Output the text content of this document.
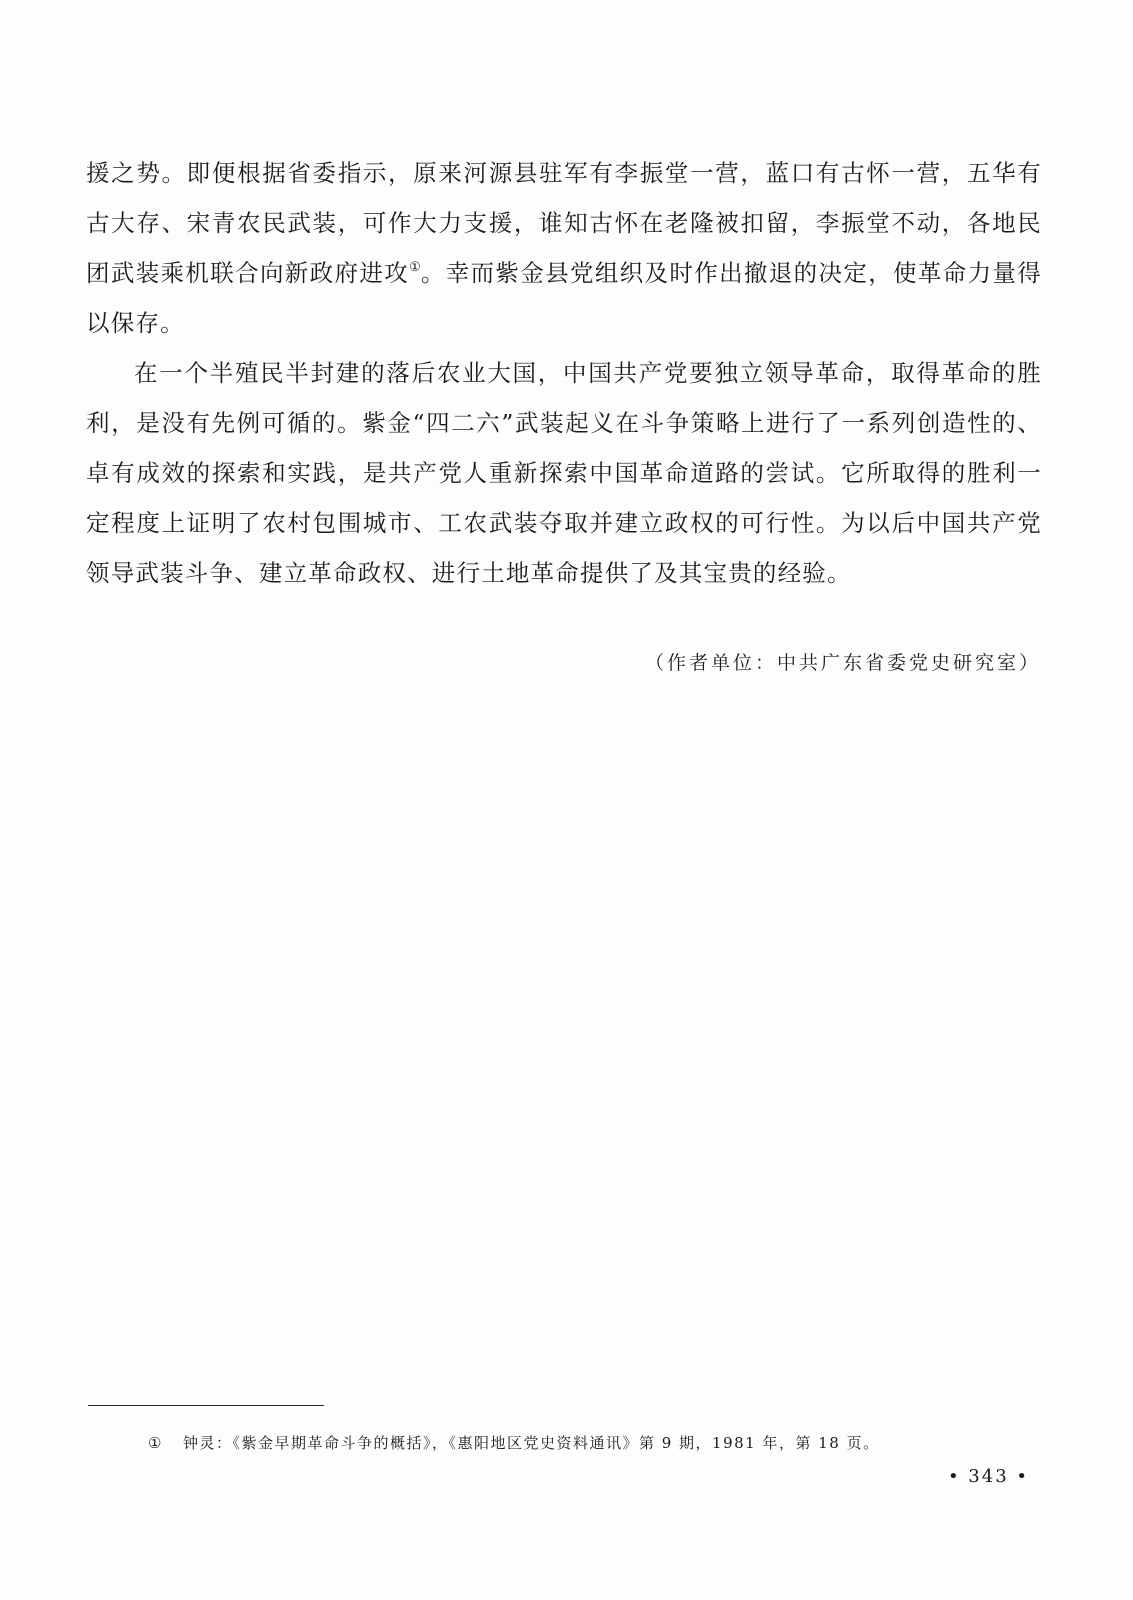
援之势。即便根据省委指示，原来河源县驻军有李振堂一营，蓝口有古怀一营，五华有古大存、宋青农民武装，可作大力支援，谁知古怀在老隆被扣留，李振堂不动，各地民团武装乘机联合向新政府进攻①。幸而紫金县党组织及时作出撤退的决定，使革命力量得以保存。

在一个半殖民半封建的落后农业大国，中国共产党要独立领导革命，取得革命的胜利，是没有先例可循的。紫金“四二六”武装起义在斗争策略上进行了一系列创造性的、卓有成效的探索和实践，是共产党人重新探索中国革命道路的尝试。它所取得的胜利一定程度上证明了农村包围城市、工农武装夺取并建立政权的可行性。为以后中国共产党领导武装斗争、建立革命政权、进行土地革命提供了及其宝贵的经验。

（作者单位：中共广东省委党史研究室）
① 钟灵：《紫金早期革命斗争的概括》，《惠阳地区党史资料通讯》第 9 期，1981 年，第 18 页。
• 343 •
